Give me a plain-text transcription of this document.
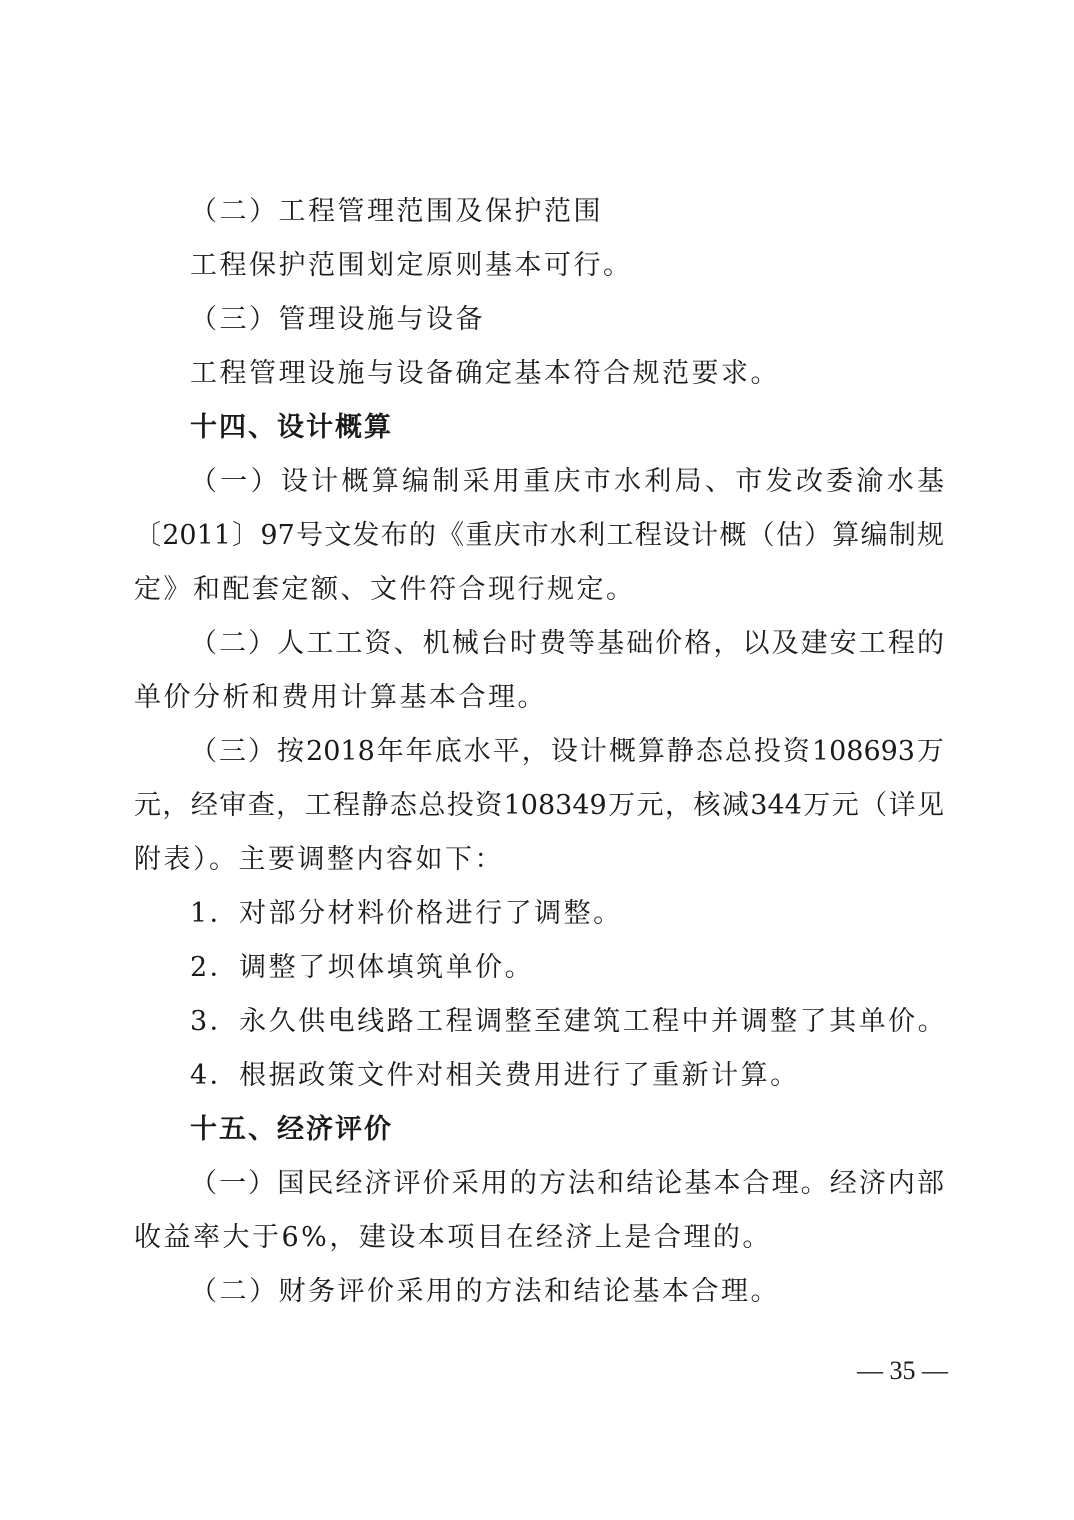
（二）工程管理范围及保护范围
工程保护范围划定原则基本可行。
（三）管理设施与设备
工程管理设施与设备确定基本符合规范要求。
十四、设计概算
（一）设计概算编制采用重庆市水利局、市发改委渝水基
〔2011〕97号文发布的《重庆市水利工程设计概（估）算编制规
定》和配套定额、文件符合现行规定。
（二）人工工资、机械台时费等基础价格，以及建安工程的
单价分析和费用计算基本合理。
（三）按2018年年底水平，设计概算静态总投资108693万
元，经审查，工程静态总投资108349万元，核减344万元（详见
附表）。主要调整内容如下：
1．对部分材料价格进行了调整。
2．调整了坝体填筑单价。
3．永久供电线路工程调整至建筑工程中并调整了其单价。
4．根据政策文件对相关费用进行了重新计算。
十五、经济评价
（一）国民经济评价采用的方法和结论基本合理。经济内部
收益率大于6%，建设本项目在经济上是合理的。
（二）财务评价采用的方法和结论基本合理。
— 35 —
